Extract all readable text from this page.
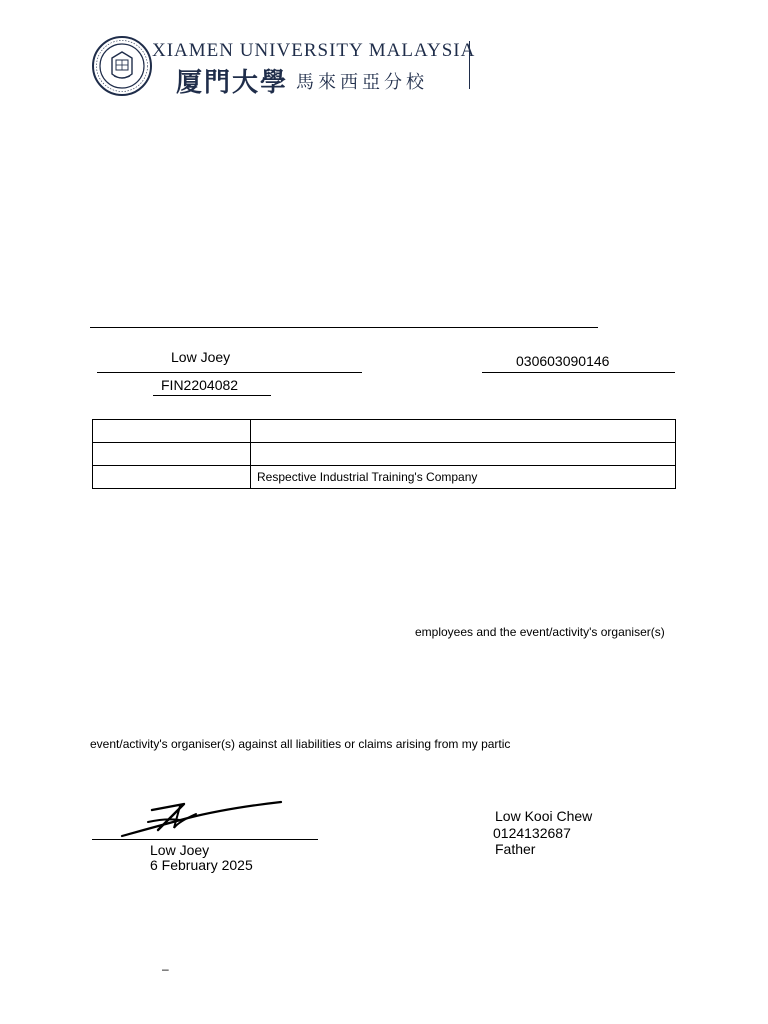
XIAMEN UNIVERSITY MALAYSIA
厦門大學 馬來西亞分校
Low Joey	030603090146
FIN2204082

	Respective Industrial Training's Company
employees and the event/activity's organiser(s)
event/activity's organiser(s) against all liabilities or claims arising from my partic
Low Joey
6 February 2025
Low Kooi Chew
0124132687
Father
–
